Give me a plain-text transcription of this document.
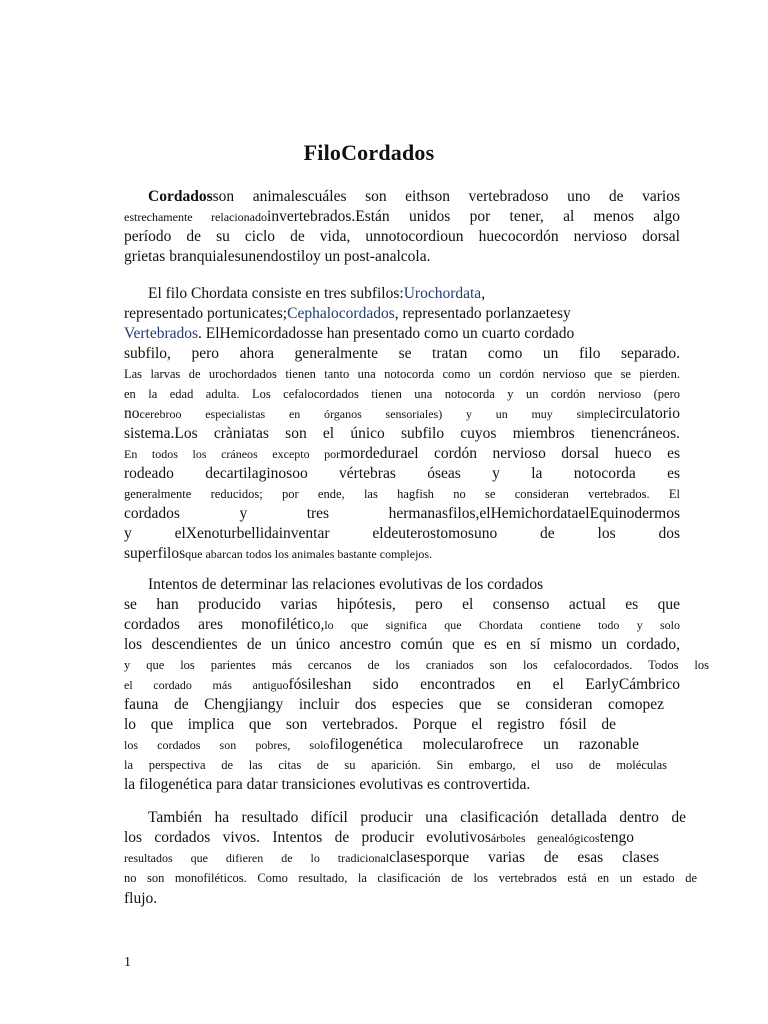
FiloCordados
Cordadosson animalescuáles son eithson vertebradoso uno de varios
estrechamente relacionadoinvertebrados.Están unidos por tener, al menos algo
período de su ciclo de vida, unnotocordioun huecocordón nervioso dorsal
grietas branquialesunendostiloy un post-analcola.
El filo Chordata consiste en tres subfilos:Urochordata,
representado portunicates;Cephalocordados, representado porlanzaetesy
Vertebrados. ElHemicordadosse han presentado como un cuarto cordado
subfilo, pero ahora generalmente se tratan como un filo separado.
Las larvas de urochordados tienen tanto una notocorda como un cordón nervioso que se pierden.
en la edad adulta. Los cefalocordados tienen una notocorda y un cordón nervioso (pero
nocerebroo especialistas en órganos sensoriales) y un muy simplecirculatorio
sistema.Los cràniatas son el único subfilo cuyos miembros tienencráneos.
En todos los cráneos excepto pormordedurael cordón nervioso dorsal hueco es
rodeado decartilaginosoo vértebras óseas y la notocorda es
generalmente reducidos; por ende, las hagfish no se consideran vertebrados. El
cordados y tres hermanasfilos,elHemichordataelEquinodermos
y elXenoturbellidainventar eldeuterostomosuno de los dos
superfilosque abarcan todos los animales bastante complejos.
Intentos de determinar las relaciones evolutivas de los cordados
se han producido varias hipótesis, pero el consenso actual es que
cordados ares monofilético,lo que significa que Chordata contiene todo y solo
los descendientes de un único ancestro común que es en sí mismo un cordado,
y que los parientes más cercanos de los craniados son los cefalocordados. Todos los
el cordado más antiguofósileshan sido encontrados en el EarlyCámbrico
fauna de Chengjiangy incluir dos especies que se consideran comopez
lo que implica que son vertebrados. Porque el registro fósil de
los cordados son pobres, solofilogenética molecularofrece un razonable
la perspectiva de las citas de su aparición. Sin embargo, el uso de moléculas
la filogenética para datar transiciones evolutivas es controvertida.
También ha resultado difícil producir una clasificación detallada dentro de
los cordados vivos. Intentos de producir evolutivosárboles genealógicostengo
resultados que difieren de lo tradicionalclasesporque varias de esas clases
no son monofiléticos. Como resultado, la clasificación de los vertebrados está en un estado de
flujo.
1
